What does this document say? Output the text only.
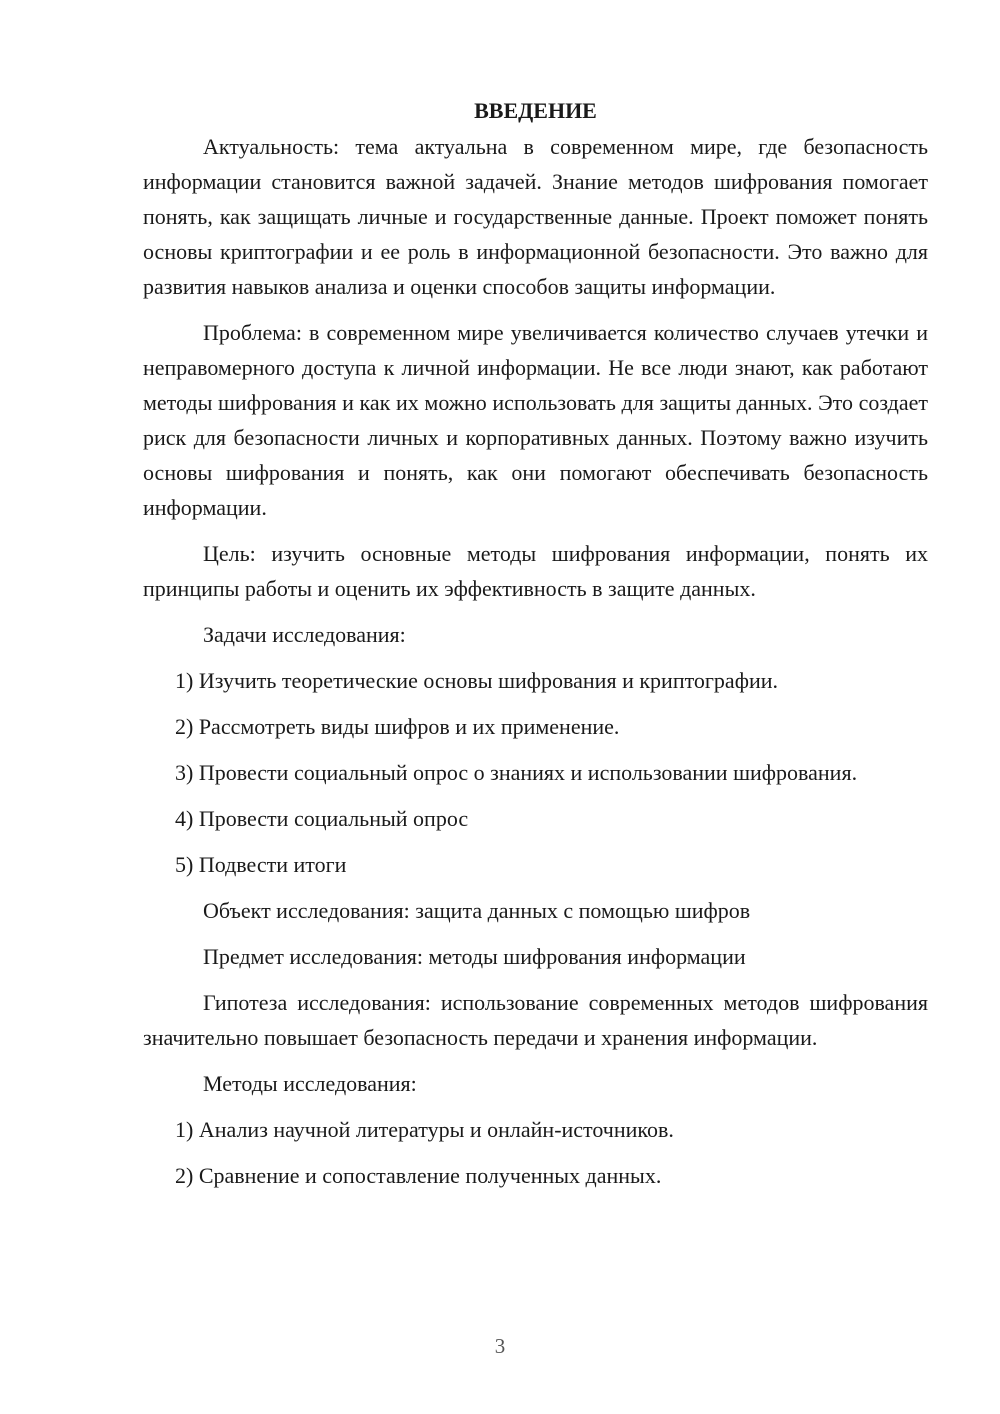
ВВЕДЕНИЕ

Актуальность: тема актуальна в современном мире, где безопасность информации становится важной задачей. Знание методов шифрования помогает понять, как защищать личные и государственные данные. Проект поможет понять основы криптографии и ее роль в информационной безопасности. Это важно для развития навыков анализа и оценки способов защиты информации.

Проблема: в современном мире увеличивается количество случаев утечки и неправомерного доступа к личной информации. Не все люди знают, как работают методы шифрования и как их можно использовать для защиты данных. Это создает риск для безопасности личных и корпоративных данных. Поэтому важно изучить основы шифрования и понять, как они помогают обеспечивать безопасность информации.

Цель: изучить основные методы шифрования информации, понять их принципы работы и оценить их эффективность в защите данных.

Задачи исследования:

1) Изучить теоретические основы шифрования и криптографии.

2) Рассмотреть виды шифров и их применение.

3) Провести социальный опрос о знаниях и использовании шифрования.

4) Провести социальный опрос

5) Подвести итоги

Объект исследования: защита данных с помощью шифров

Предмет исследования: методы шифрования информации

Гипотеза исследования: использование современных методов шифрования значительно повышает безопасность передачи и хранения информации.

Методы исследования:

1) Анализ научной литературы и онлайн-источников.

2) Сравнение и сопоставление полученных данных.

3
